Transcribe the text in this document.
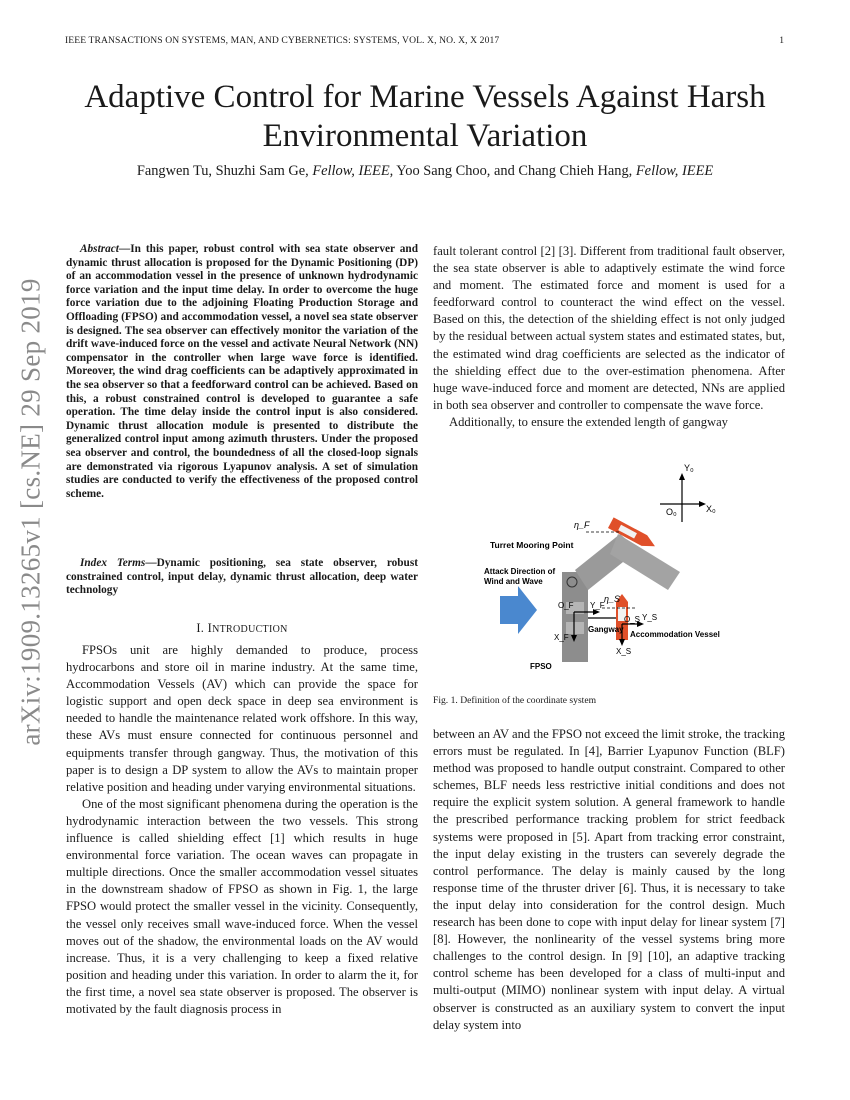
IEEE TRANSACTIONS ON SYSTEMS, MAN, AND CYBERNETICS: SYSTEMS, VOL. X, NO. X, X 2017	1
arXiv:1909.13265v1 [cs.NE] 29 Sep 2019
Adaptive Control for Marine Vessels Against Harsh Environmental Variation
Fangwen Tu, Shuzhi Sam Ge, Fellow, IEEE, Yoo Sang Choo, and Chang Chieh Hang, Fellow, IEEE
Abstract—In this paper, robust control with sea state observer and dynamic thrust allocation is proposed for the Dynamic Positioning (DP) of an accommodation vessel in the presence of unknown hydrodynamic force variation and the input time delay. In order to overcome the huge force variation due to the adjoining Floating Production Storage and Offloading (FPSO) and accommodation vessel, a novel sea state observer is designed. The sea observer can effectively monitor the variation of the drift wave-induced force on the vessel and activate Neural Network (NN) compensator in the controller when large wave force is identified. Moreover, the wind drag coefficients can be adaptively approximated in the sea observer so that a feedforward control can be achieved. Based on this, a robust constrained control is developed to guarantee a safe operation. The time delay inside the control input is also considered. Dynamic thrust allocation module is presented to distribute the generalized control input among azimuth thrusters. Under the proposed sea observer and control, the boundedness of all the closed-loop signals are demonstrated via rigorous Lyapunov analysis. A set of simulation studies are conducted to verify the effectiveness of the proposed control scheme.
Index Terms—Dynamic positioning, sea state observer, robust constrained control, input delay, dynamic thrust allocation, deep water technology
I. INTRODUCTION

FPSOs unit are highly demanded to produce, process hydrocarbons and store oil in marine industry. At the same time, Accommodation Vessels (AV) which can provide the space for logistic support and open deck space in deep sea environment is needed to handle the maintenance related work offshore. In this way, these AVs must ensure connected for continuous personnel and equipments transfer through gangway. Thus, the motivation of this paper is to design a DP system to allow the AVs to maintain proper relative position and heading under varying environmental situations.

One of the most significant phenomena during the operation is the hydrodynamic interaction between the two vessels. This strong influence is called shielding effect [1] which results in huge environmental force variation. The ocean waves can propagate in multiple directions. Once the smaller accommodation vessel situates in the downstream shadow of FPSO as shown in Fig. 1, the large FPSO would protect the smaller vessel in the vicinity. Consequently, the vessel only receives small wave-induced force. When the vessel moves out of the shadow, the environmental loads on the AV would increase. Thus, it is a very challenging to keep a fixed relative position and heading under this variation. In order to alarm the it, for the first time, a novel sea state observer is proposed. The observer is motivated by the fault diagnosis process in

fault tolerant control [2] [3]. Different from traditional fault observer, the sea state observer is able to adaptively estimate the wind force and moment. The estimated force and moment is used for a feedforward control to counteract the wind effect on the vessel. Based on this, the detection of the shielding effect is not only judged by the residual between actual system states and estimated states, but, the estimated wind drag coefficients are selected as the indicator of the shielding effect due to the over-estimation phenomena. After huge wave-induced force and moment are detected, NNs are applied in both sea observer and controller to compensate the wave force.

Additionally, to ensure the extended length of gangway

Y₀
X₀
O₀
Turret Mooring Point
Attack Direction of
Wind and Wave
Gangway
Accommodation Vessel
FPSO
X_F
Y_F
O_F
X_S
Y_S
O_S
η_F
η_S
Fig. 1. Definition of the coordinate system

between an AV and the FPSO not exceed the limit stroke, the tracking errors must be regulated. In [4], Barrier Lyapunov Function (BLF) method was proposed to handle output constraint. Compared to other schemes, BLF needs less restrictive initial conditions and does not require the explicit system solution. A general framework to handle the prescribed performance tracking problem for strict feedback systems were proposed in [5]. Apart from tracking error constraint, the input delay existing in the trusters can severely degrade the control performance. The delay is mainly caused by the long response time of the thruster driver [6]. Thus, it is necessary to take the input delay into consideration for the control design. Much research has been done to cope with input delay for linear system [7] [8]. However, the nonlinearity of the vessel systems bring more challenges to the control design. In [9] [10], an adaptive tracking control scheme has been developed for a class of multi-input and multi-output (MIMO) nonlinear system with input delay. A virtual observer is constructed as an auxiliary system to convert the input delay system into
